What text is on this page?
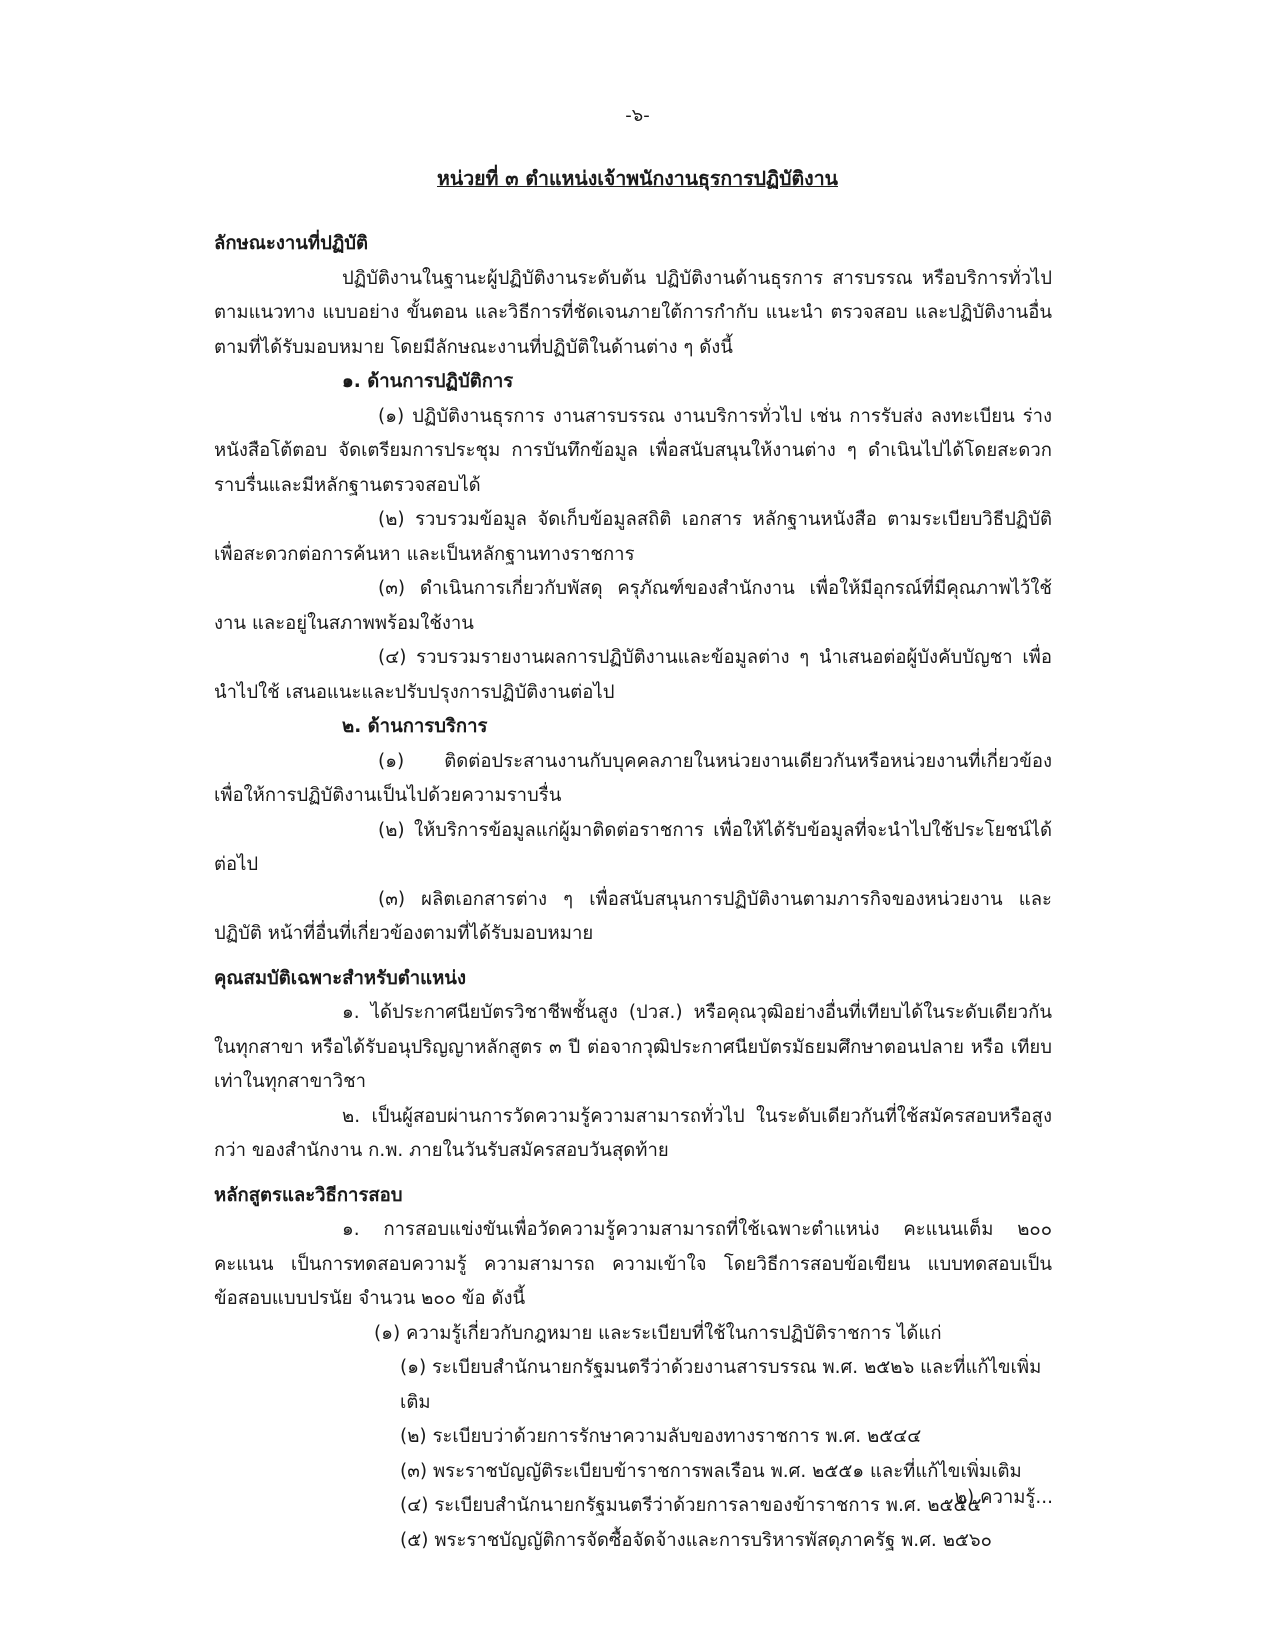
-๖-
หน่วยที่ ๓ ตำแหน่งเจ้าพนักงานธุรการปฏิบัติงาน

ลักษณะงานที่ปฏิบัติ

ปฏิบัติงานในฐานะผู้ปฏิบัติงานระดับต้น ปฏิบัติงานด้านธุรการ สารบรรณ หรือบริการทั่วไป ตามแนวทาง แบบอย่าง ขั้นตอน และวิธีการที่ชัดเจนภายใต้การกำกับ แนะนำ ตรวจสอบ และปฏิบัติงานอื่น ตามที่ได้รับมอบหมาย โดยมีลักษณะงานที่ปฏิบัติในด้านต่าง ๆ ดังนี้

๑. ด้านการปฏิบัติการ

(๑) ปฏิบัติงานธุรการ งานสารบรรณ งานบริการทั่วไป เช่น การรับส่ง ลงทะเบียน ร่างหนังสือโต้ตอบ จัดเตรียมการประชุม การบันทึกข้อมูล เพื่อสนับสนุนให้งานต่าง ๆ ดำเนินไปได้โดยสะดวก ราบรื่นและมีหลักฐานตรวจสอบได้

(๒) รวบรวมข้อมูล จัดเก็บข้อมูลสถิติ เอกสาร หลักฐานหนังสือ ตามระเบียบวิธีปฏิบัติ เพื่อสะดวกต่อการค้นหา และเป็นหลักฐานทางราชการ

(๓) ดำเนินการเกี่ยวกับพัสดุ ครุภัณฑ์ของสำนักงาน เพื่อให้มีอุกรณ์ที่มีคุณภาพไว้ใช้งาน และอยู่ในสภาพพร้อมใช้งาน

(๔) รวบรวมรายงานผลการปฏิบัติงานและข้อมูลต่าง ๆ นำเสนอต่อผู้บังคับบัญชา เพื่อนำไปใช้ เสนอแนะและปรับปรุงการปฏิบัติงานต่อไป

๒. ด้านการบริการ

(๑) ติดต่อประสานงานกับบุคคลภายในหน่วยงานเดียวกันหรือหน่วยงานที่เกี่ยวข้อง เพื่อให้การปฏิบัติงานเป็นไปด้วยความราบรื่น

(๒) ให้บริการข้อมูลแก่ผู้มาติดต่อราชการ เพื่อให้ได้รับข้อมูลที่จะนำไปใช้ประโยชน์ได้ต่อไป

(๓) ผลิตเอกสารต่าง ๆ เพื่อสนับสนุนการปฏิบัติงานตามภารกิจของหน่วยงาน และปฏิบัติ หน้าที่อื่นที่เกี่ยวข้องตามที่ได้รับมอบหมาย

คุณสมบัติเฉพาะสำหรับตำแหน่ง

๑. ได้ประกาศนียบัตรวิชาชีพชั้นสูง (ปวส.) หรือคุณวุฒิอย่างอื่นที่เทียบได้ในระดับเดียวกัน ในทุกสาขา หรือได้รับอนุปริญญาหลักสูตร ๓ ปี ต่อจากวุฒิประกาศนียบัตรมัธยมศึกษาตอนปลาย หรือ เทียบเท่าในทุกสาขาวิชา

๒. เป็นผู้สอบผ่านการวัดความรู้ความสามารถทั่วไป ในระดับเดียวกันที่ใช้สมัครสอบหรือสูงกว่า ของสำนักงาน ก.พ. ภายในวันรับสมัครสอบวันสุดท้าย

หลักสูตรและวิธีการสอบ

๑. การสอบแข่งขันเพื่อวัดความรู้ความสามารถที่ใช้เฉพาะตำแหน่ง คะแนนเต็ม ๒๐๐ คะแนน เป็นการทดสอบความรู้ ความสามารถ ความเข้าใจ โดยวิธีการสอบข้อเขียน แบบทดสอบเป็นข้อสอบแบบปรนัย จำนวน ๒๐๐ ข้อ ดังนี้

(๑) ความรู้เกี่ยวกับกฎหมาย และระเบียบที่ใช้ในการปฏิบัติราชการ ได้แก่

(๑) ระเบียบสำนักนายกรัฐมนตรีว่าด้วยงานสารบรรณ พ.ศ. ๒๕๒๖ และที่แก้ไขเพิ่มเติม

(๒) ระเบียบว่าด้วยการรักษาความลับของทางราชการ พ.ศ. ๒๕๔๔

(๓) พระราชบัญญัติระเบียบข้าราชการพลเรือน พ.ศ. ๒๕๕๑ และที่แก้ไขเพิ่มเติม

(๔) ระเบียบสำนักนายกรัฐมนตรีว่าด้วยการลาของข้าราชการ พ.ศ. ๒๕๕๕

(๕) พระราชบัญญัติการจัดซื้อจัดจ้างและการบริหารพัสดุภาครัฐ พ.ศ. ๒๕๖๐

๒) ความรู้...
